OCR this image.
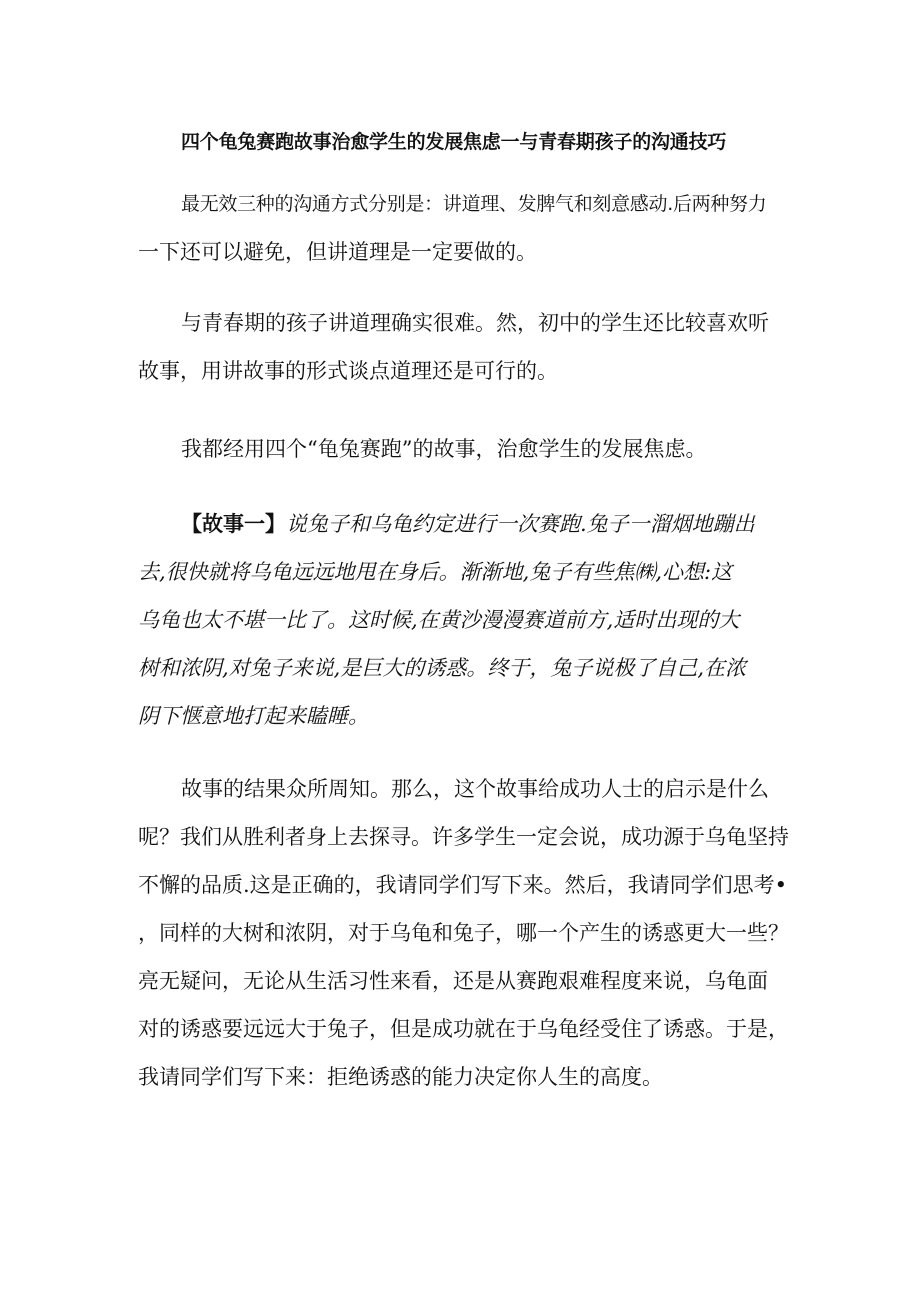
四个龟兔赛跑故事治愈学生的发展焦虑一与青春期孩子的沟通技巧
最无效三种的沟通方式分别是：讲道理、发脾气和刻意感动.后两种努力
一下还可以避免，但讲道理是一定要做的。
与青春期的孩子讲道理确实很难。然，初中的学生还比较喜欢听
故事，用讲故事的形式谈点道理还是可行的。
我都经用四个“龟兔赛跑”的故事，治愈学生的发展焦虑。
【故事一】说兔子和乌龟约定进行一次赛跑.兔子一溜烟地蹦出
去,很快就将乌龟远远地甩在身后。渐渐地,兔子有些焦㈱,心想:这
乌龟也太不堪一比了。这时候,在黄沙漫漫赛道前方,适时出现的大
树和浓阴,对兔子来说,是巨大的诱惑。终于，兔子说极了自己,在浓
阴下惬意地打起来瞌睡。
故事的结果众所周知。那么，这个故事给成功人士的启示是什么
呢？我们从胜利者身上去探寻。许多学生一定会说，成功源于乌龟坚持
不懈的品质.这是正确的，我请同学们写下来。然后，我请同学们思考•
，同样的大树和浓阴，对于乌龟和兔子，哪一个产生的诱惑更大一些？
亮无疑问，无论从生活习性来看，还是从赛跑艰难程度来说，乌龟面
对的诱惑要远远大于兔子，但是成功就在于乌龟经受住了诱惑。于是，
我请同学们写下来：拒绝诱惑的能力决定你人生的高度。
